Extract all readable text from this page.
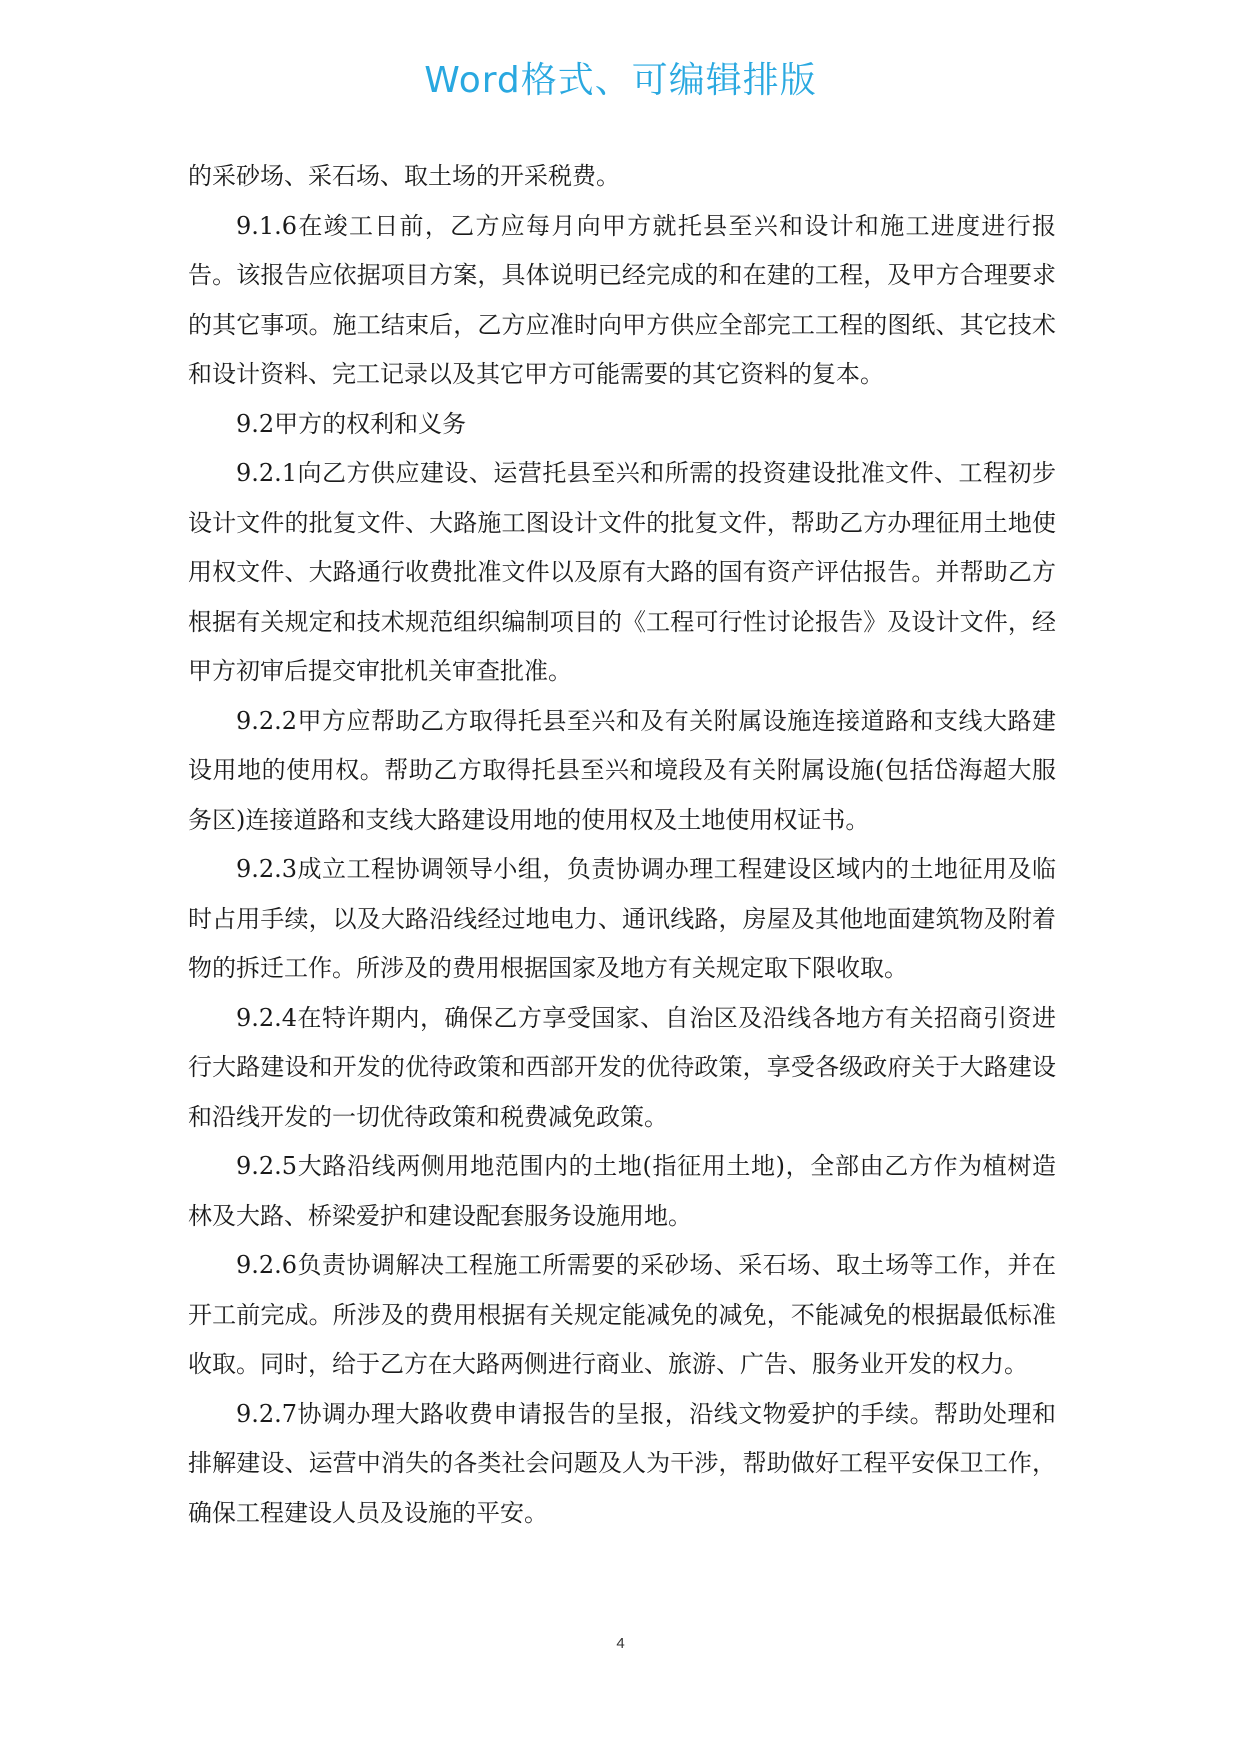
Word格式、可编辑排版

的采砂场、采石场、取土场的开采税费。

9.1.6在竣工日前，乙方应每月向甲方就托县至兴和设计和施工进度进行报告。该报告应依据项目方案，具体说明已经完成的和在建的工程，及甲方合理要求的其它事项。施工结束后，乙方应准时向甲方供应全部完工工程的图纸、其它技术和设计资料、完工记录以及其它甲方可能需要的其它资料的复本。

9.2甲方的权利和义务

9.2.1向乙方供应建设、运营托县至兴和所需的投资建设批准文件、工程初步设计文件的批复文件、大路施工图设计文件的批复文件，帮助乙方办理征用土地使用权文件、大路通行收费批准文件以及原有大路的国有资产评估报告。并帮助乙方根据有关规定和技术规范组织编制项目的《工程可行性讨论报告》及设计文件，经甲方初审后提交审批机关审查批准。

9.2.2甲方应帮助乙方取得托县至兴和及有关附属设施连接道路和支线大路建设用地的使用权。帮助乙方取得托县至兴和境段及有关附属设施(包括岱海超大服务区)连接道路和支线大路建设用地的使用权及土地使用权证书。

9.2.3成立工程协调领导小组，负责协调办理工程建设区域内的土地征用及临时占用手续，以及大路沿线经过地电力、通讯线路，房屋及其他地面建筑物及附着物的拆迁工作。所涉及的费用根据国家及地方有关规定取下限收取。

9.2.4在特许期内，确保乙方享受国家、自治区及沿线各地方有关招商引资进行大路建设和开发的优待政策和西部开发的优待政策，享受各级政府关于大路建设和沿线开发的一切优待政策和税费减免政策。

9.2.5大路沿线两侧用地范围内的土地(指征用土地)，全部由乙方作为植树造林及大路、桥梁爱护和建设配套服务设施用地。

9.2.6负责协调解决工程施工所需要的采砂场、采石场、取土场等工作，并在开工前完成。所涉及的费用根据有关规定能减免的减免，不能减免的根据最低标准收取。同时，给于乙方在大路两侧进行商业、旅游、广告、服务业开发的权力。

9.2.7协调办理大路收费申请报告的呈报，沿线文物爱护的手续。帮助处理和排解建设、运营中消失的各类社会问题及人为干涉，帮助做好工程平安保卫工作，确保工程建设人员及设施的平安。

4
